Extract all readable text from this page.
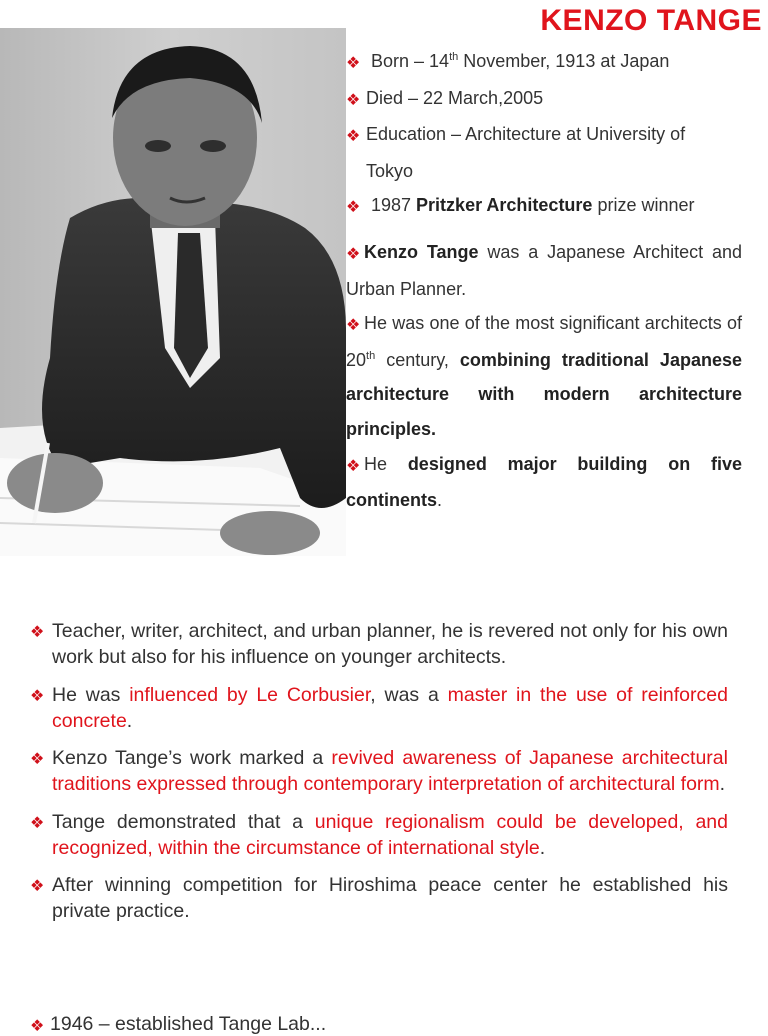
KENZO TANGE
❖ Born – 14th November, 1913 at Japan
❖ Died – 22 March,2005
❖ Education – Architecture at University of
Tokyo
❖ 1987 Pritzker Architecture prize winner
❖ Kenzo Tange was a Japanese Architect and Urban Planner.
❖ He was one of the most significant architects of 20th century, combining traditional Japanese architecture with modern architecture principles.
❖ He designed major building on five continents.
❖ Teacher, writer, architect, and urban planner, he is revered not only for his own work but also for his influence on younger architects.
❖ He was influenced by Le Corbusier, was a master in the use of reinforced concrete.
❖ Kenzo Tange’s work marked a revived awareness of Japanese architectural traditions expressed through contemporary interpretation of architectural form.
❖ Tange demonstrated that a unique regionalism could be developed, and recognized, within the circumstance of international style.
❖ After winning competition for Hiroshima peace center he established his private practice.
❖ 1946 – established Tange Lab...
